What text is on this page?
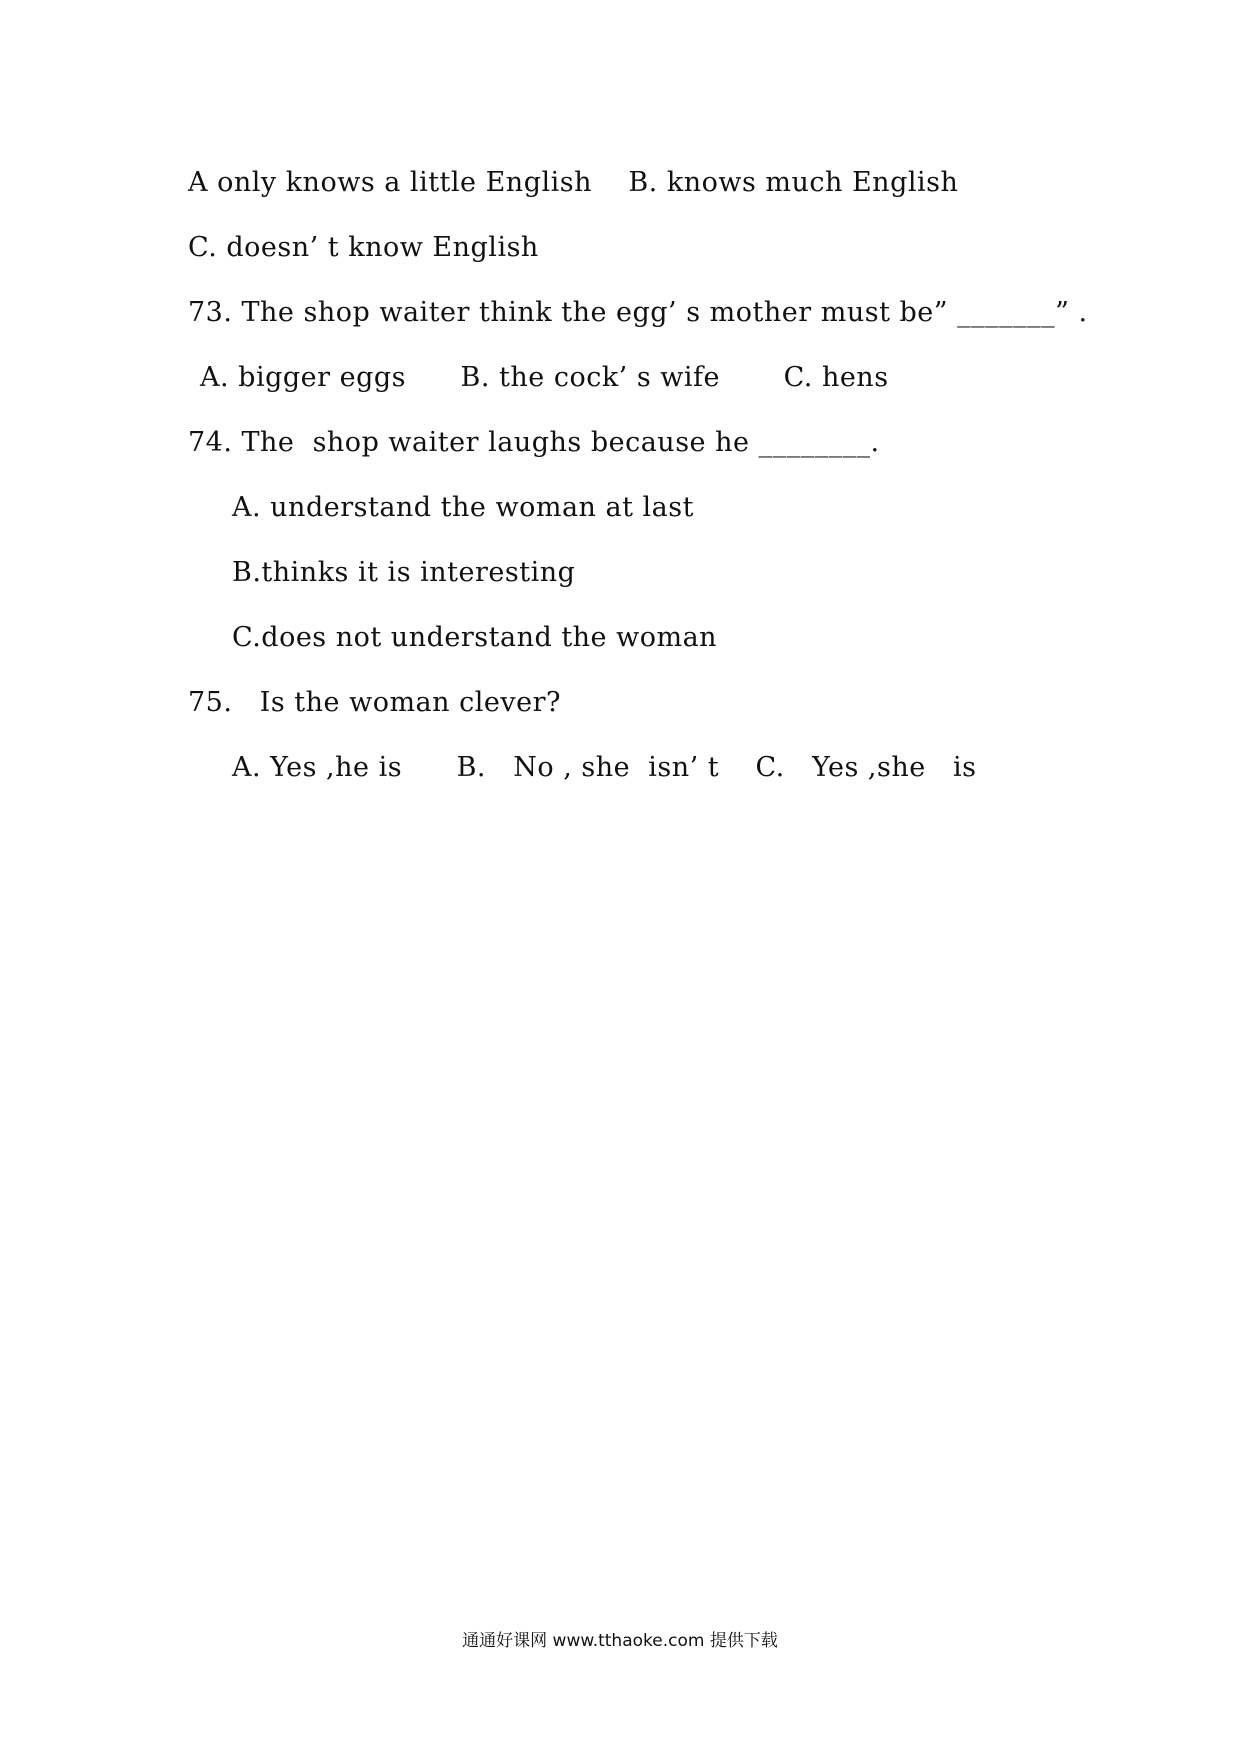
A only knows a little English    B. knows much English
C. doesn’ t know English
73. The shop waiter think the egg’ s mother must be” _______” .
A. bigger eggs      B. the cock’ s wife       C. hens
74. The  shop waiter laughs because he ________.
A. understand the woman at last
B.thinks it is interesting
C.does not understand the woman
75.   Is the woman clever?
A. Yes ,he is      B.   No , she  isn’ t    C.   Yes ,she   is
通通好课网 www.tthaoke.com 提供下载
